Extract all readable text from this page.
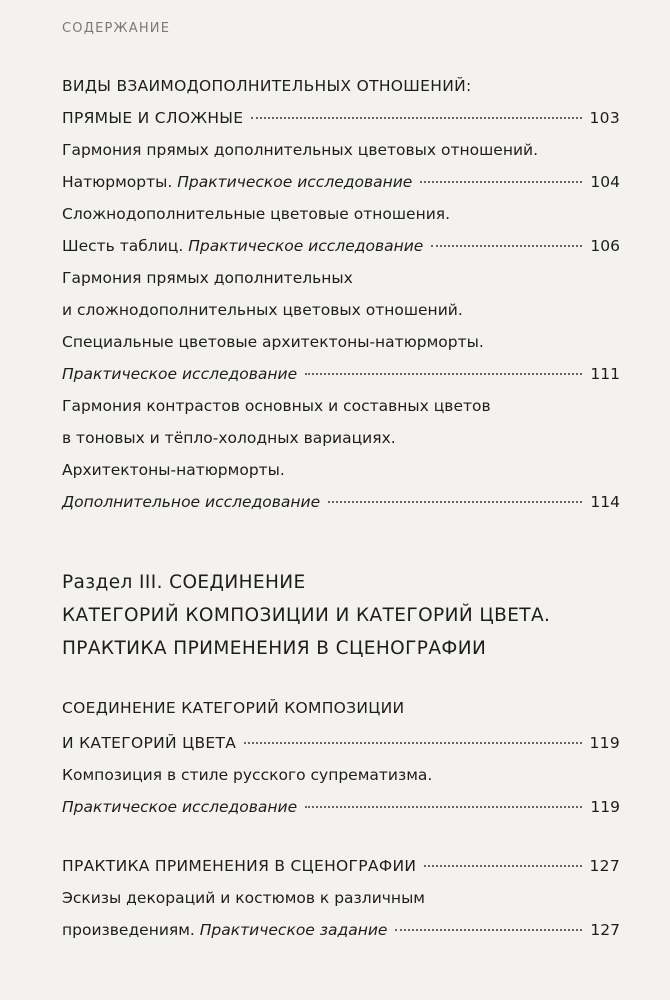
СОДЕРЖАНИЕ
ВИДЫ ВЗАИМОДОПОЛНИТЕЛЬНЫХ ОТНОШЕНИЙ:
ПРЯМЫЕ И СЛОЖНЫЕ	103
Гармония прямых дополнительных цветовых отношений.
Натюрморты. Практическое исследование	104
Сложнодополнительные цветовые отношения.
Шесть таблиц. Практическое исследование	106
Гармония прямых дополнительных
и сложнодополнительных цветовых отношений.
Специальные цветовые архитектоны-натюрморты.
Практическое исследование	111
Гармония контрастов основных и составных цветов
в тоновых и тёпло-холодных вариациях.
Архитектоны-натюрморты.
Дополнительное исследование	114
Раздел III. СОЕДИНЕНИЕ
КАТЕГОРИЙ КОМПОЗИЦИИ И КАТЕГОРИЙ ЦВЕТА.
ПРАКТИКА ПРИМЕНЕНИЯ В СЦЕНОГРАФИИ
СОЕДИНЕНИЕ КАТЕГОРИЙ КОМПОЗИЦИИ
И КАТЕГОРИЙ ЦВЕТА	119
Композиция в стиле русского супрематизма.
Практическое исследование	119
ПРАКТИКА ПРИМЕНЕНИЯ В СЦЕНОГРАФИИ	127
Эскизы декораций и костюмов к различным
произведениям. Практическое задание	127
